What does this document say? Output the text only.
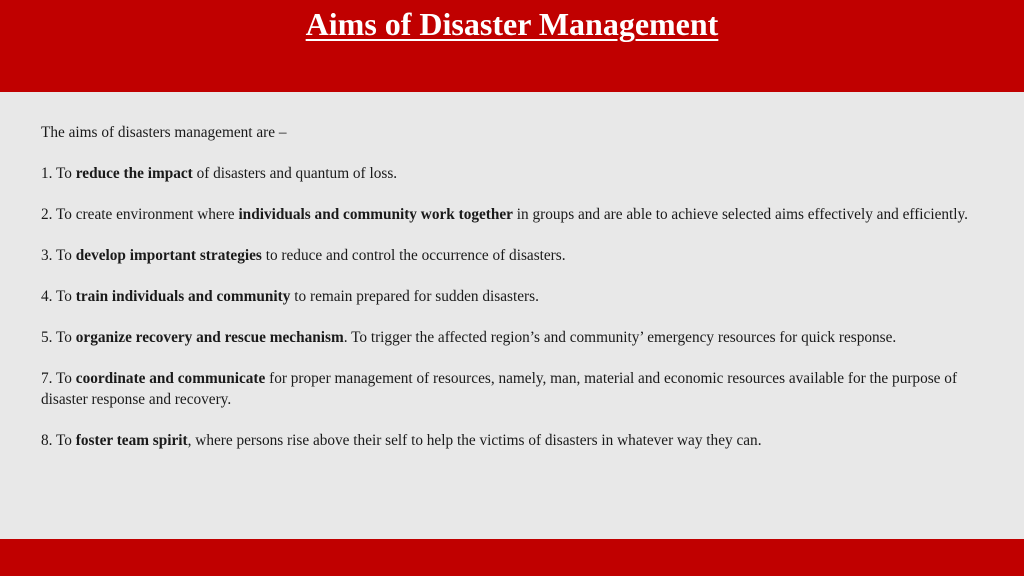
Aims of Disaster Management

The aims of disasters management are –

1. To reduce the impact of disasters and quantum of loss.

2. To create environment where individuals and community work together in groups and are able to achieve selected aims effectively and efficiently.

3. To develop important strategies to reduce and control the occurrence of disasters.

4. To train individuals and community to remain prepared for sudden disasters.

5. To organize recovery and rescue mechanism. To trigger the affected region’s and community’ emergency resources for quick response.

7. To coordinate and communicate for proper management of resources, namely, man, material and economic resources available for the purpose of disaster response and recovery.

8. To foster team spirit, where persons rise above their self to help the victims of disasters in whatever way they can.
